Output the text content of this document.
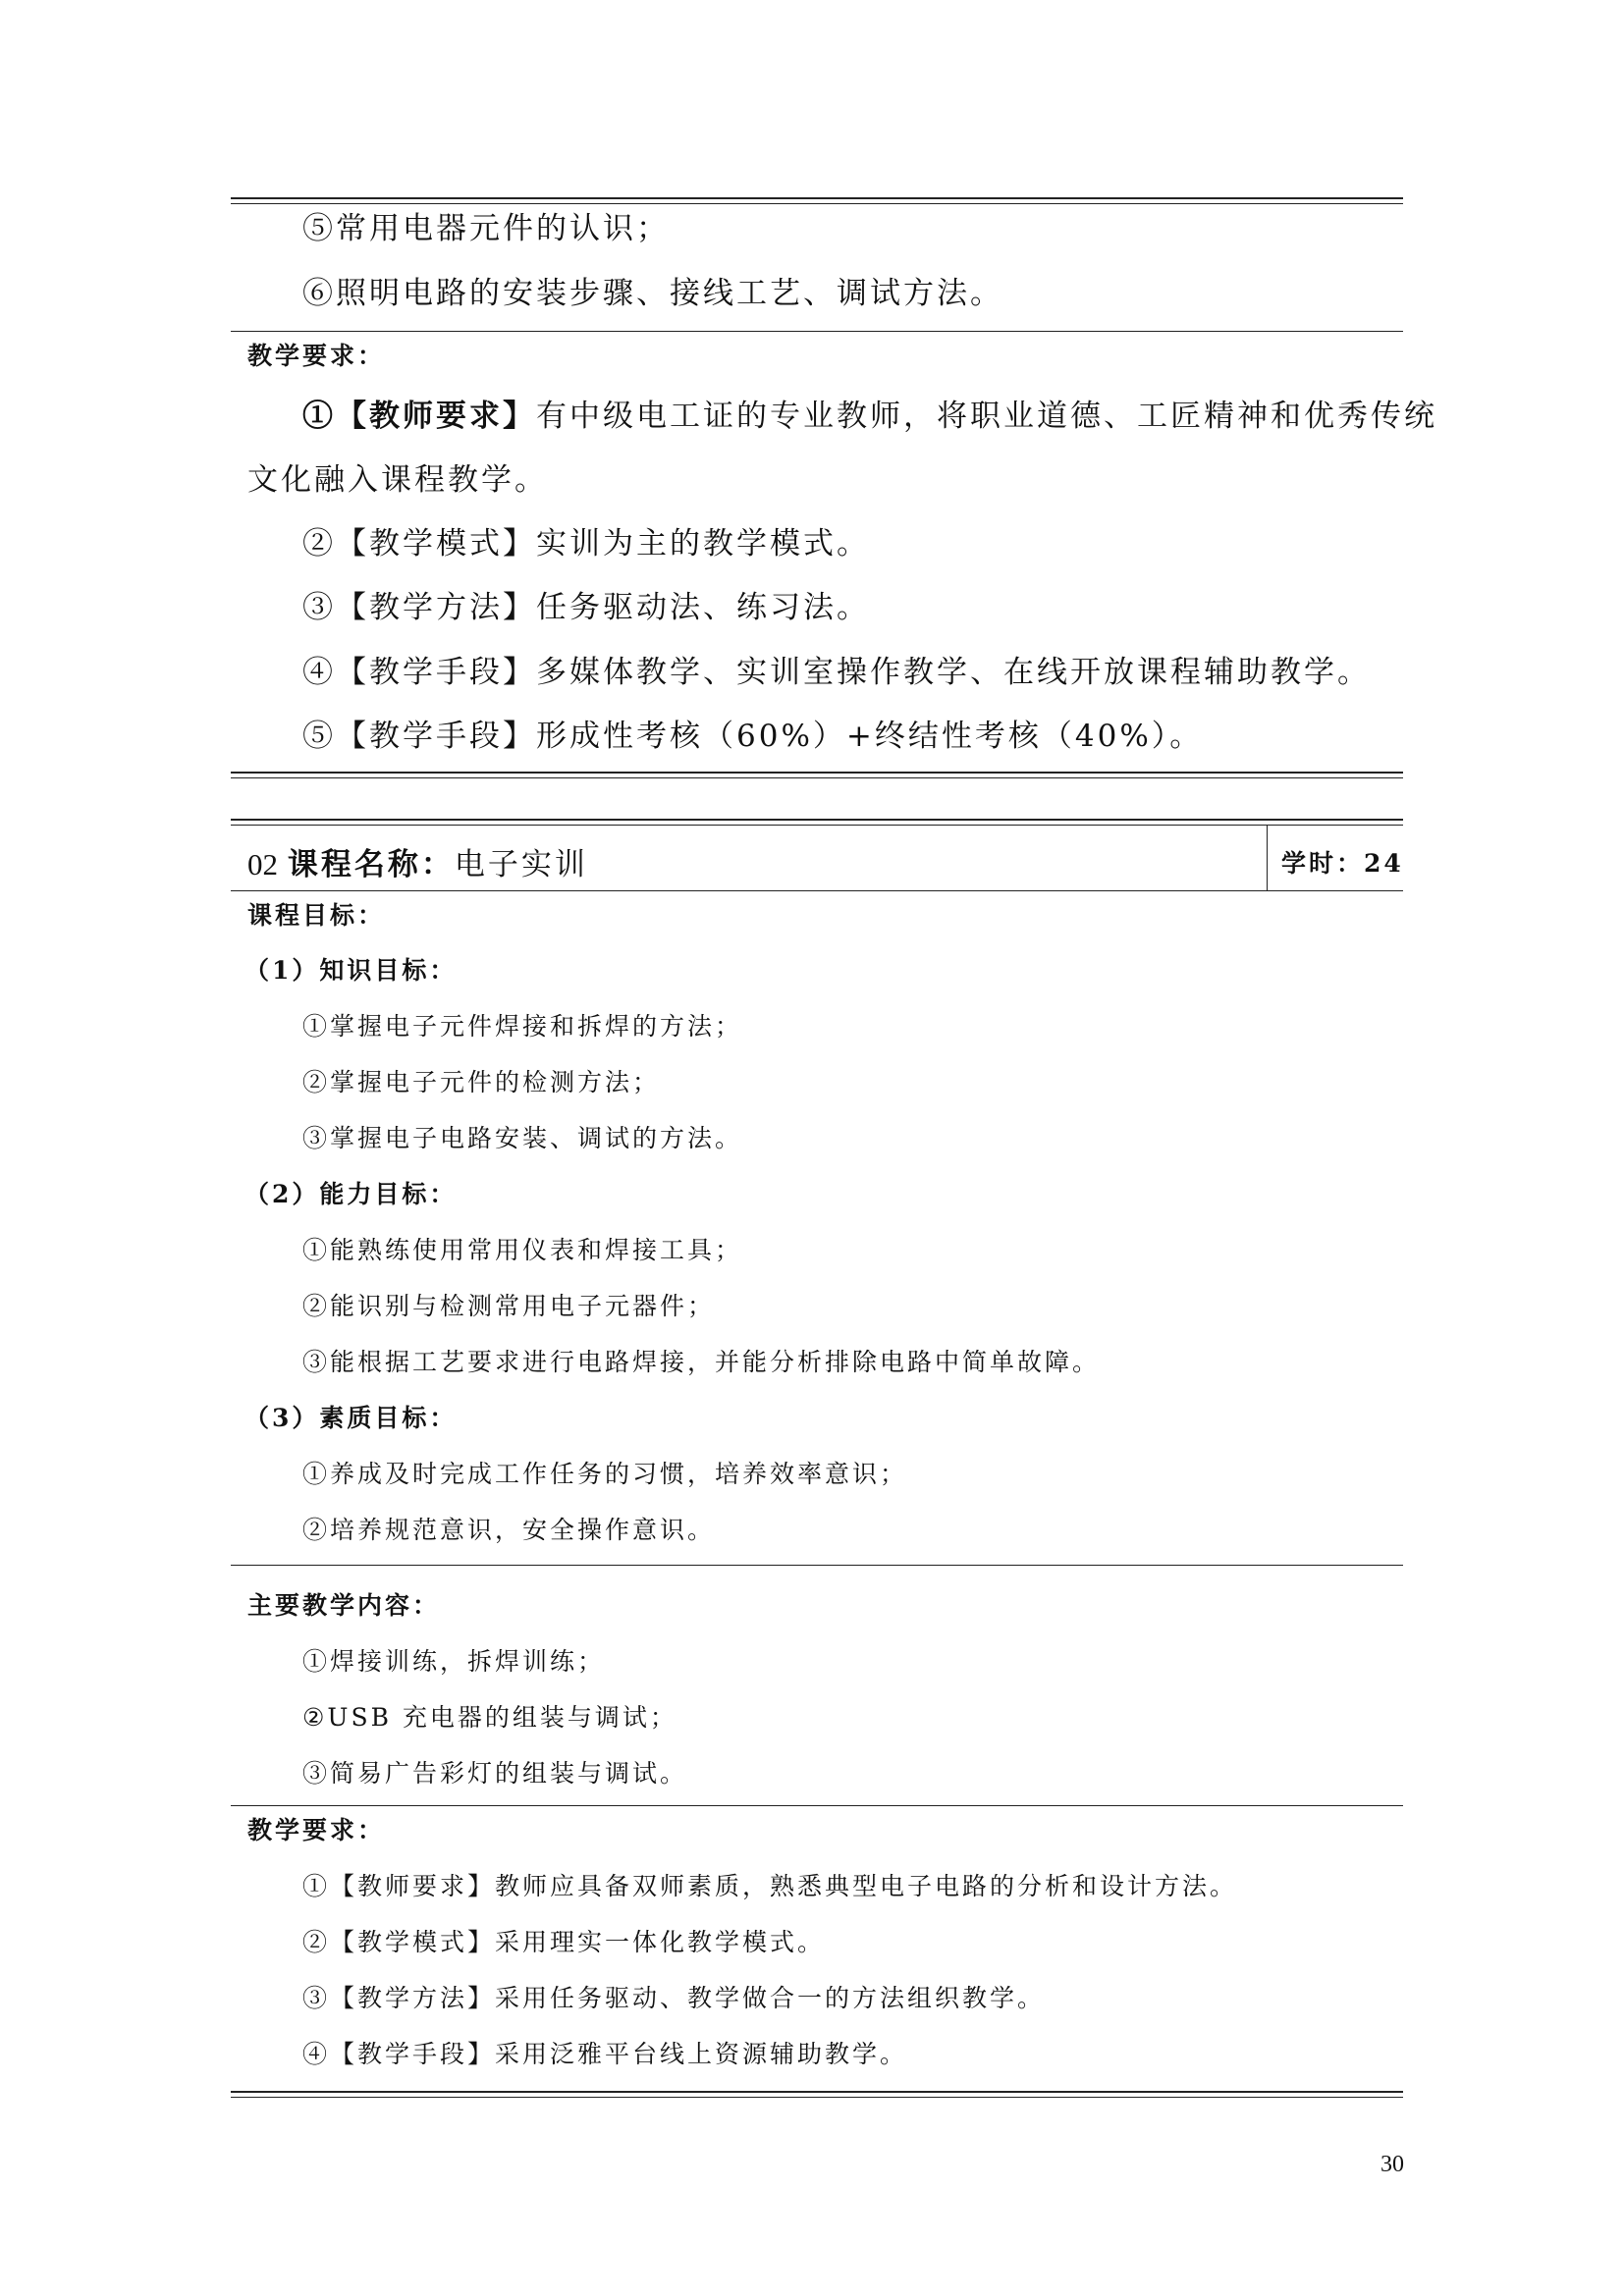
⑤常用电器元件的认识；
⑥照明电路的安装步骤、接线工艺、调试方法。
教学要求：
①【教师要求】有中级电工证的专业教师，将职业道德、工匠精神和优秀传统
文化融入课程教学。
②【教学模式】实训为主的教学模式。
③【教学方法】任务驱动法、练习法。
④【教学手段】多媒体教学、实训室操作教学、在线开放课程辅助教学。
⑤【教学手段】形成性考核（60%）+终结性考核（40%）。
02 课程名称：电子实训	学时：24
课程目标：
（1）知识目标：
①掌握电子元件焊接和拆焊的方法；
②掌握电子元件的检测方法；
③掌握电子电路安装、调试的方法。
（2）能力目标：
①能熟练使用常用仪表和焊接工具；
②能识别与检测常用电子元器件；
③能根据工艺要求进行电路焊接，并能分析排除电路中简单故障。
（3）素质目标：
①养成及时完成工作任务的习惯，培养效率意识；
②培养规范意识，安全操作意识。
主要教学内容：
①焊接训练，拆焊训练；
②USB 充电器的组装与调试；
③简易广告彩灯的组装与调试。
教学要求：
①【教师要求】教师应具备双师素质，熟悉典型电子电路的分析和设计方法。
②【教学模式】采用理实一体化教学模式。
③【教学方法】采用任务驱动、教学做合一的方法组织教学。
④【教学手段】采用泛雅平台线上资源辅助教学。
30
